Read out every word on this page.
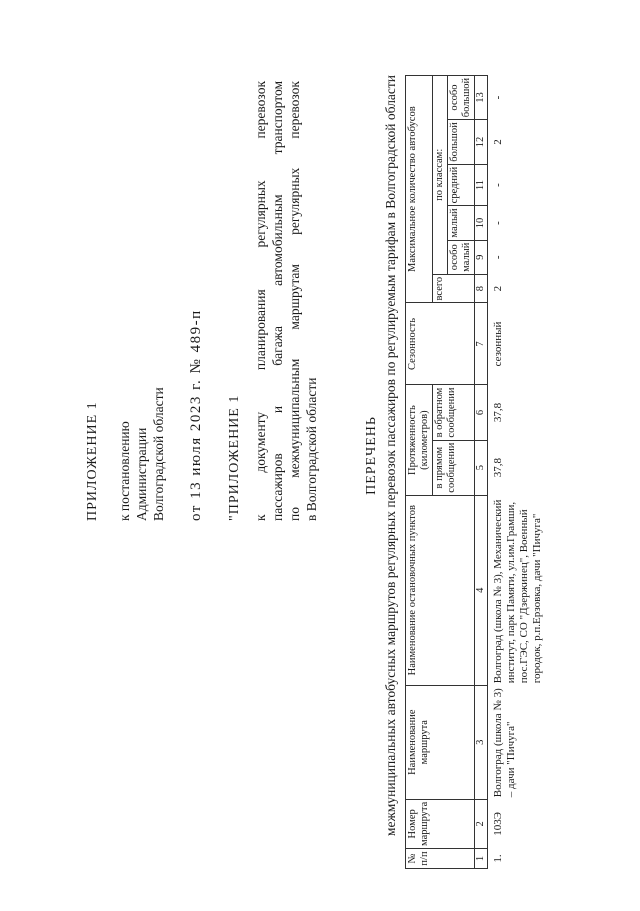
ПРИЛОЖЕНИЕ 1 к постановлению Администрации Волгоградской области от 13 июля 2023 г. № 489-п "ПРИЛОЖЕНИЕ 1 к документу планирования регулярных перевозок пассажиров и багажа автомобильным транспортом по межмуниципальным маршрутам регулярных перевозок в Волгоградской области	ПЕРЕЧЕНЬ межмуниципальных автобусных маршрутов регулярных перевозок пассажиров по регулируемым тарифам в Волгоградской области
№ п/п	Номер маршрута	Наименование маршрута	Наименование остановочных пунктов	Протяженность (километров)		Сезонность	Максимальное количество автобусов					
				в прямом сообщении	в обратном сообщении		всего	по классам:				
								особо малый	малый	средний	большой	особо большой
1	2	3	4	5	6	7	8	9	10	11	12	13
1.	103Э	Волгоград (школа № 3) – дачи "Пичуга"	Волгоград (школа № 3), Механический институт, парк Памяти, ул.им.Грамши, пос.ГЭС, СО "Дзержинец", Военный городок, р.п.Ерзовка, дачи "Пичуга"	37,8	37,8	сезонный	2	-	-	-	2	-
